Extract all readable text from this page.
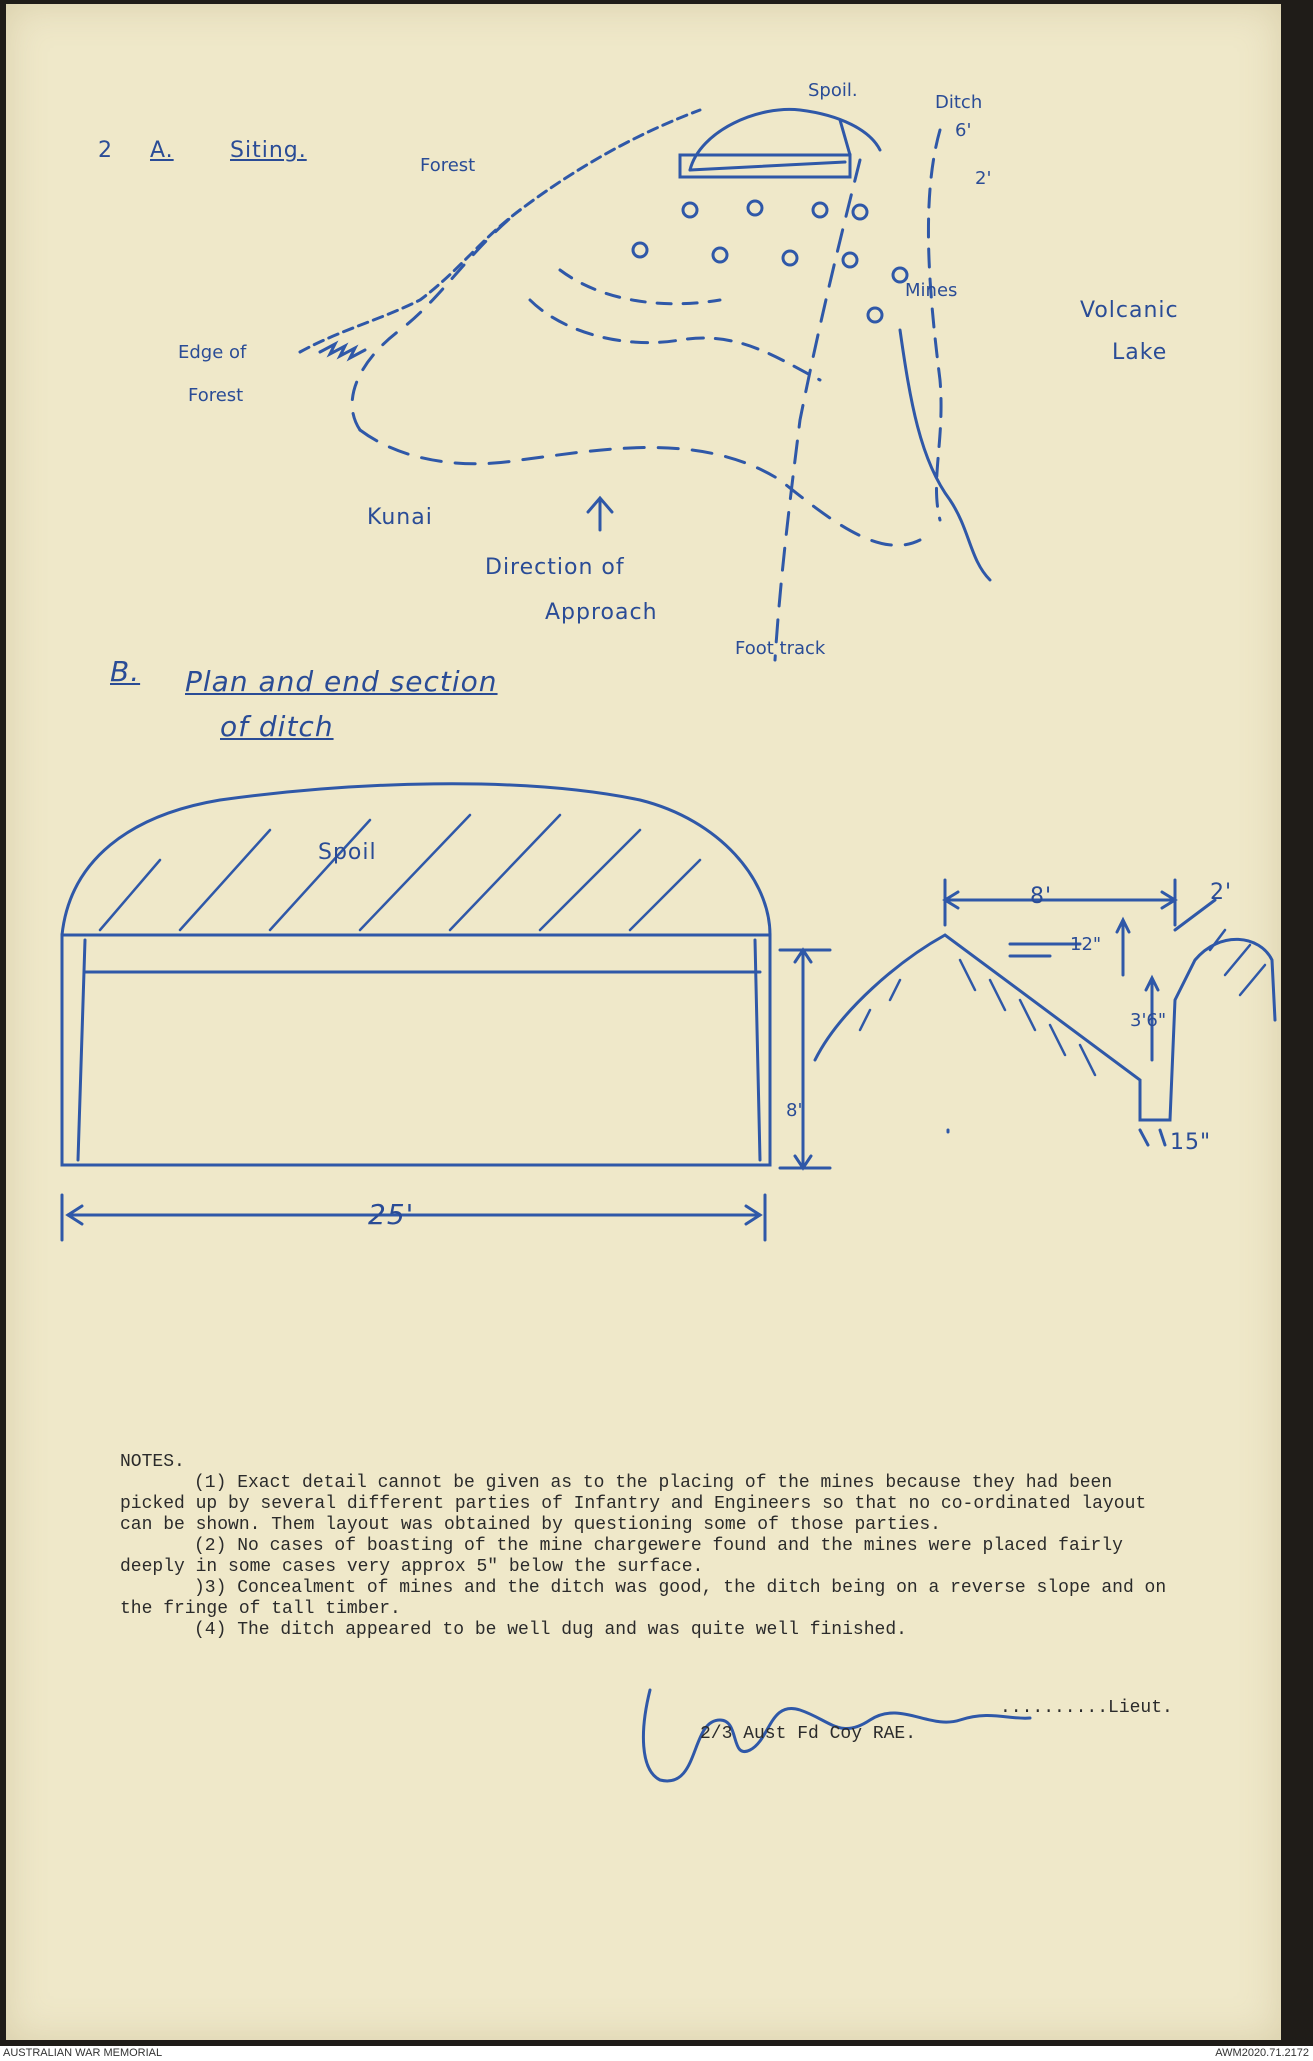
2 A.	Siting.
Spoil.
Ditch
6'
2'
Forest
Mines
Volcanic
Lake
Edge of
Forest
Kunai
Direction of
Approach
Foot track
B. Plan and end section
of ditch
Spoil
8'
25'
8'	2'
12"
3'6"
15"

NOTES.

(1) Exact detail cannot be given as to the placing of the mines because they had been picked up by several different parties of Infantry and Engineers so that no co-ordinated layout can be shown. Them layout was obtained by questioning some of those parties.

(2) No cases of boasting of the mine chargewere found and the mines were placed fairly deeply in some cases very approx 5" below the surface.

)3) Concealment of mines and the ditch was good, the ditch being on a reverse slope and on the fringe of tall timber.

(4) The ditch appeared to be well dug and was quite well finished.

..........Lieut.
2/3 Aust Fd Coy RAE.
AUSTRALIAN WAR MEMORIAL	AWM2020.71.2172
